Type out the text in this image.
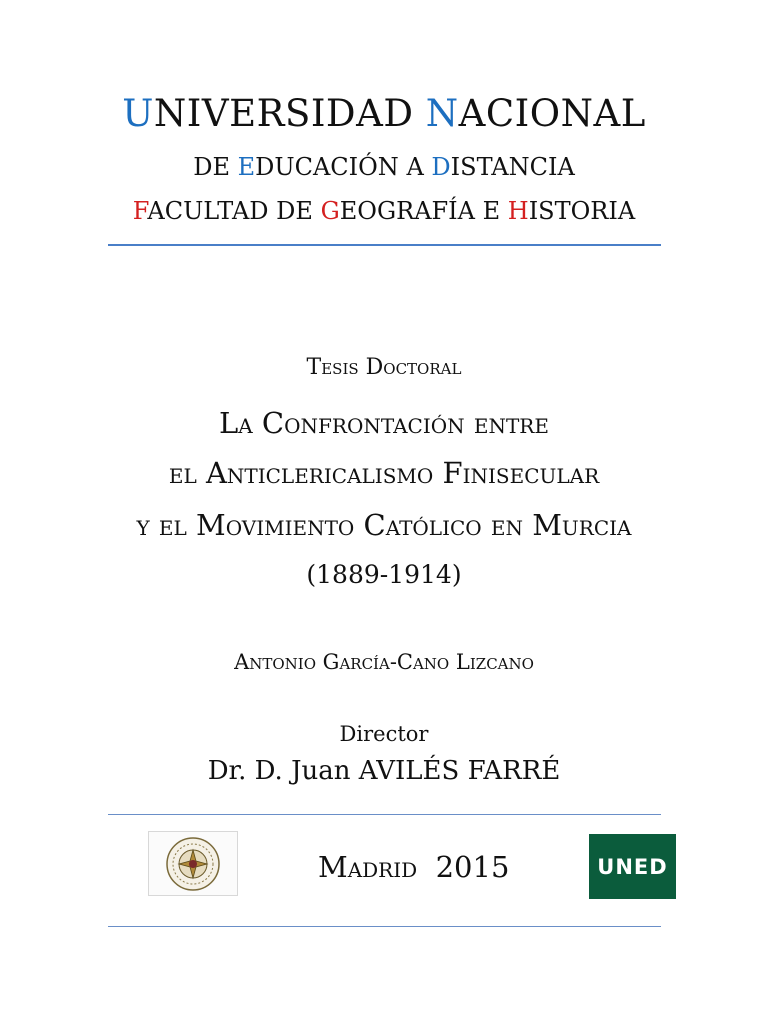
UNIVERSIDAD NACIONAL
DE EDUCACIÓN A DISTANCIA
FACULTAD DE GEOGRAFÍA E HISTORIA
Tesis Doctoral
La Confrontación entre
el Anticlericalismo Finisecular
y el Movimiento Católico en Murcia
(1889-1914)
Antonio García-Cano Lizcano
Director
Dr. D. Juan AVILÉS FARRÉ
Madrid  2015	UNED
